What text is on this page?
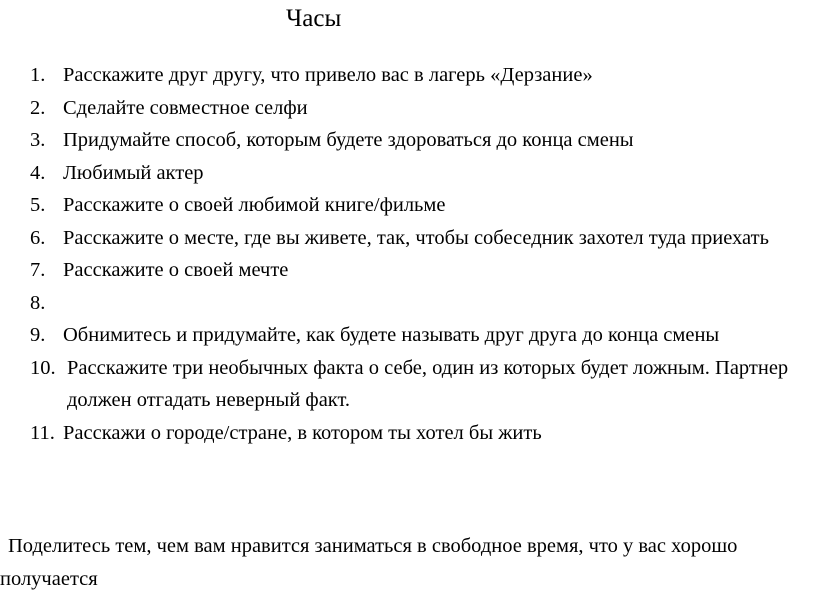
Часы
1. Расскажите друг другу, что привело вас в лагерь «Дерзание»
2. Сделайте совместное селфи
3. Придумайте способ, которым будете здороваться до конца смены
4. Любимый актер
5. Расскажите о своей любимой книге/фильме
6. Расскажите о месте, где вы живете, так, чтобы собеседник захотел туда приехать
7. Расскажите о своей мечте
8.

9. Обнимитесь и придумайте, как будете называть друг друга до конца смены
10. Расскажите три необычных факта о себе, один из которых будет ложным. Партнер должен отгадать неверный факт.
11. Расскажи о городе/стране, в котором ты хотел бы жить

Поделитесь тем, чем вам нравится заниматься в свободное время, что у вас хорошо получается
